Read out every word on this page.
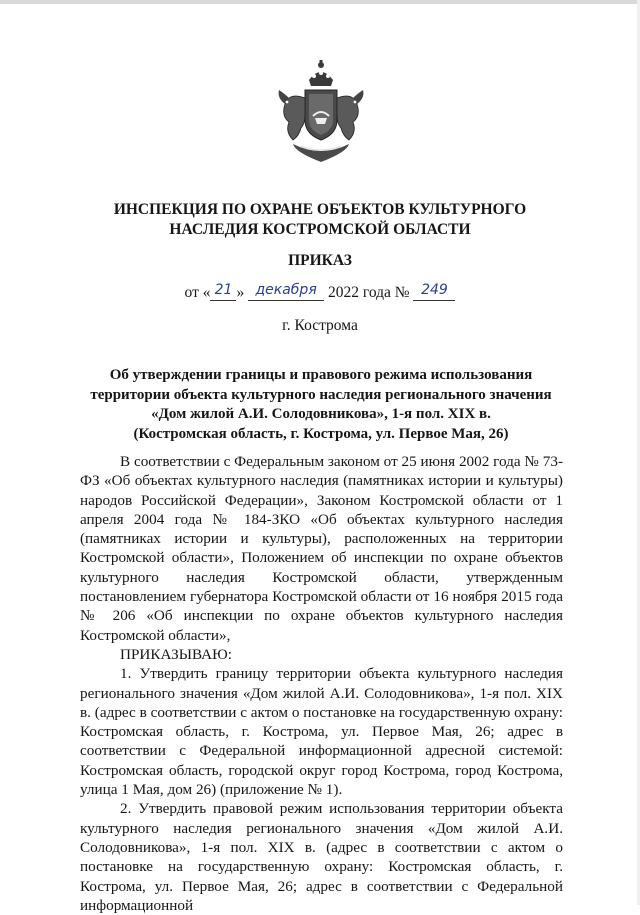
ИНСПЕКЦИЯ ПО ОХРАНЕ ОБЪЕКТОВ КУЛЬТУРНОГО
НАСЛЕДИЯ КОСТРОМСКОЙ ОБЛАСТИ
ПРИКАЗ
от « 21 » декабря 2022 года № 249
г. Кострома
Об утверждении границы и правового режима использования
территории объекта культурного наследия регионального значения
«Дом жилой А.И. Солодовникова», 1-я пол. XIX в.
(Костромская область, г. Кострома, ул. Первое Мая, 26)

В соответствии с Федеральным законом от 25 июня 2002 года № 73-ФЗ «Об объектах культурного наследия (памятниках истории и культуры) народов Российской Федерации», Законом Костромской области от 1 апреля 2004 года № 184-ЗКО «Об объектах культурного наследия (памятниках истории и культуры), расположенных на территории Костромской области», Положением об инспекции по охране объектов культурного наследия Костромской области, утвержденным постановлением губернатора Костромской области от 16 ноября 2015 года № 206 «Об инспекции по охране объектов культурного наследия Костромской области»,

ПРИКАЗЫВАЮ:

1. Утвердить границу территории объекта культурного наследия регионального значения «Дом жилой А.И. Солодовникова», 1-я пол. XIX в. (адрес в соответствии с актом о постановке на государственную охрану: Костромская область, г. Кострома, ул. Первое Мая, 26; адрес в соответствии с Федеральной информационной адресной системой: Костромская область, городской округ город Кострома, город Кострома, улица 1 Мая, дом 26) (приложение № 1).

2. Утвердить правовой режим использования территории объекта культурного наследия регионального значения «Дом жилой А.И. Солодовникова», 1-я пол. XIX в. (адрес в соответствии с актом о постановке на государственную охрану: Костромская область, г. Кострома, ул. Первое Мая, 26; адрес в соответствии с Федеральной информационной
